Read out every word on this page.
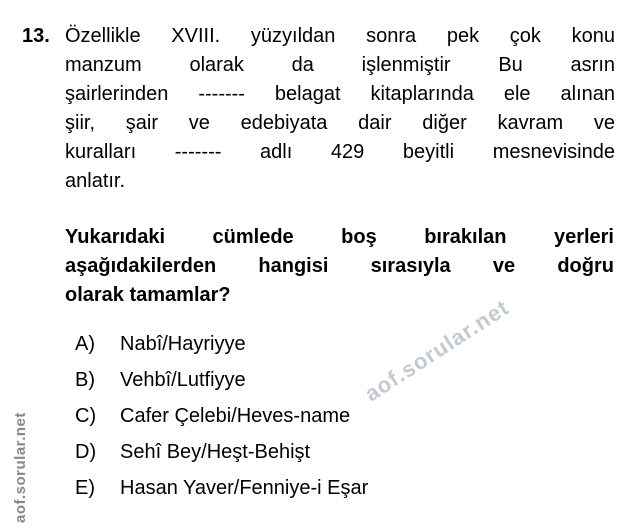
13. Özellikle XVIII. yüzyıldan sonra pek çok konu
manzum olarak da işlenmiştir Bu asrın
şairlerinden ------- belagat kitaplarında ele alınan
şiir, şair ve edebiyata dair diğer kavram ve
kuralları ------- adlı 429 beyitli mesnevisinde
anlatır.
Yukarıdaki cümlede boş bırakılan yerleri
aşağıdakilerden hangisi sırasıyla ve doğru
olarak tamamlar?
A)	Nabî/Hayriyye
B)	Vehbî/Lutfiyye
C)	Cafer Çelebi/Heves-name
D)	Sehî Bey/Heşt-Behişt
E)	Hasan Yaver/Fenniye-i Eşar
aof.sorular.net
aof.sorular.net
